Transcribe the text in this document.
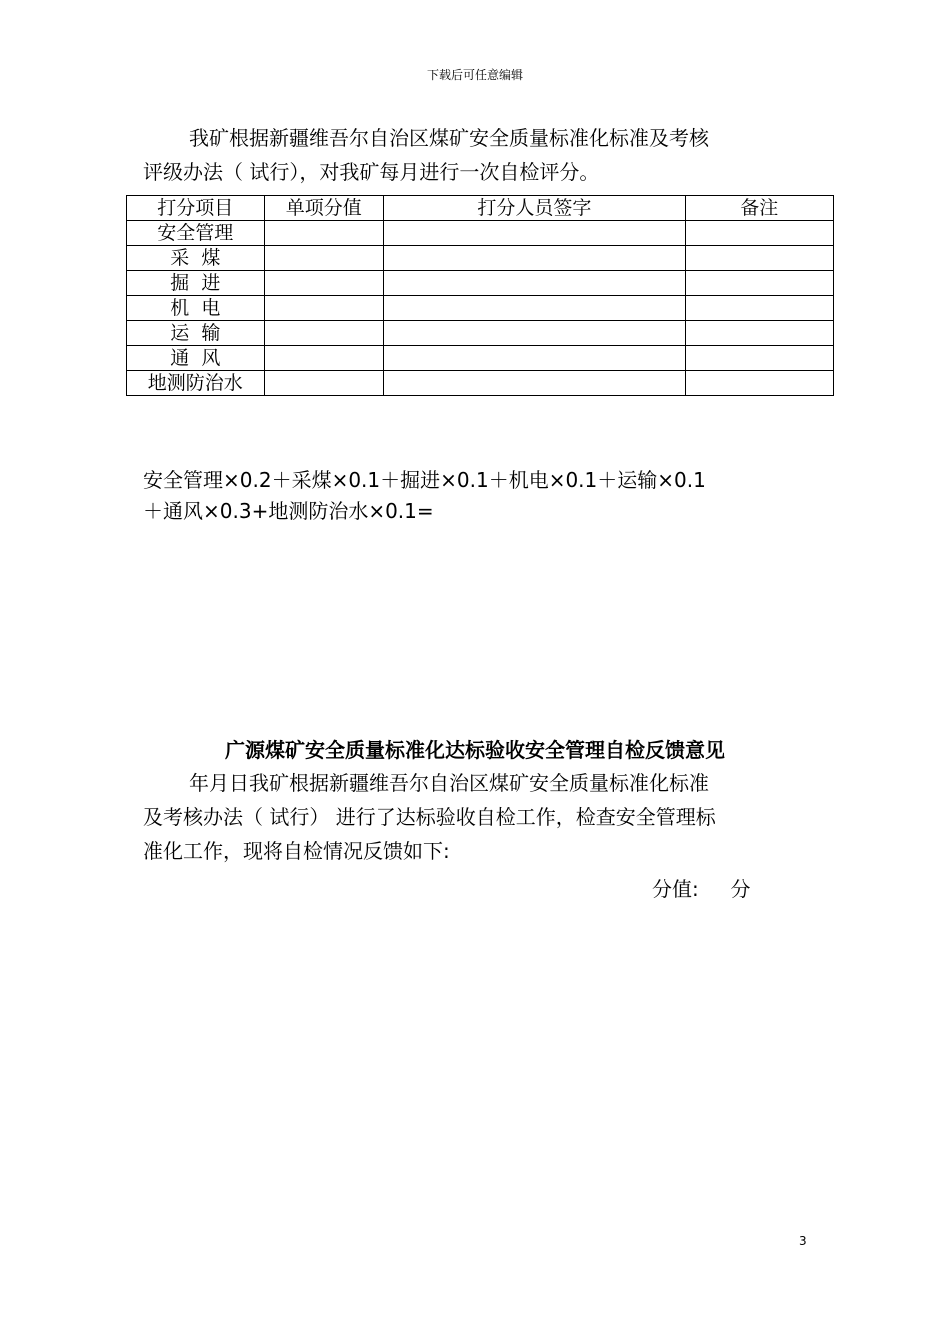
下载后可任意编辑
我矿根据新疆维吾尔自治区煤矿安全质量标准化标准及考核
评级办法（ 试行），对我矿每月进行一次自检评分。
打分项目	单项分值	打分人员签字	备注
安全管理			
采  煤			
掘  进			
机  电			
运  输			
通  风			
地测防治水			
安全管理×0.2＋采煤×0.1＋掘进×0.1＋机电×0.1＋运输×0.1
＋通风×0.3+地测防治水×0.1=
广源煤矿安全质量标准化达标验收安全管理自检反馈意见
年月日我矿根据新疆维吾尔自治区煤矿安全质量标准化标准
及考核办法（ 试行） 进行了达标验收自检工作，检查安全管理标
准化工作，现将自检情况反馈如下:
分值: 分
3
